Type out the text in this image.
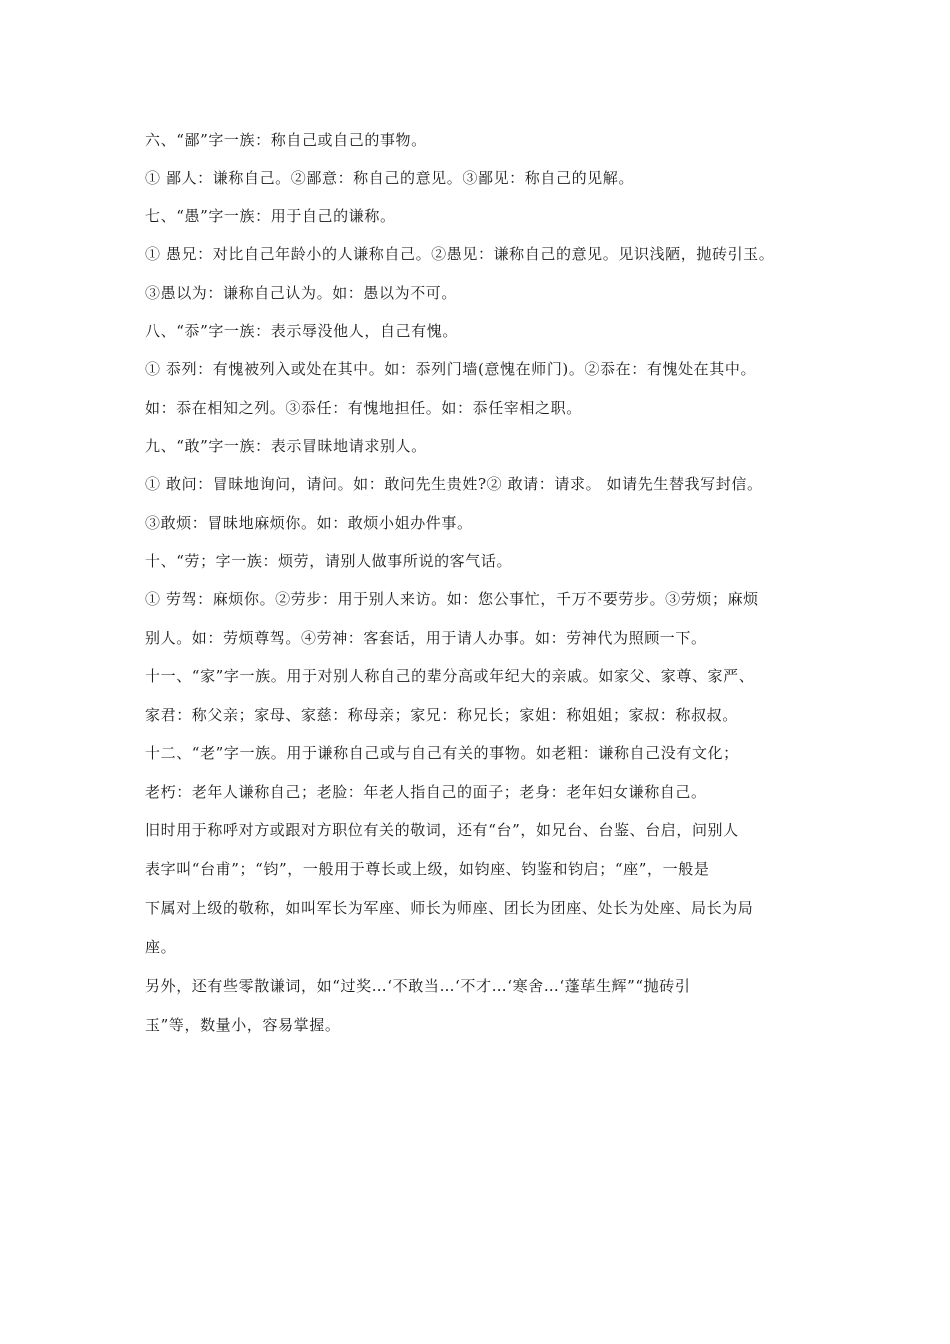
六、“鄙”字一族：称自己或自己的事物。

① 鄙人：谦称自己。②鄙意：称自己的意见。③鄙见：称自己的见解。

七、“愚”字一族：用于自己的谦称。

① 愚兄：对比自己年龄小的人谦称自己。②愚见：谦称自己的意见。见识浅陋，抛砖引玉。

③愚以为：谦称自己认为。如：愚以为不可。

八、“忝”字一族：表示辱没他人，自己有愧。

① 忝列：有愧被列入或处在其中。如：忝列门墙(意愧在师门)。②忝在：有愧处在其中。

如：忝在相知之列。③忝任：有愧地担任。如：忝任宰相之职。

九、“敢”字一族：表示冒昧地请求别人。

① 敢问：冒昧地询问，请问。如：敢问先生贵姓?② 敢请：请求。 如请先生替我写封信。

③敢烦：冒昧地麻烦你。如：敢烦小姐办件事。

十、“劳；字一族：烦劳，请别人做事所说的客气话。

① 劳驾：麻烦你。②劳步：用于别人来访。如：您公事忙，千万不要劳步。③劳烦；麻烦

别人。如：劳烦尊驾。④劳神：客套话，用于请人办事。如：劳神代为照顾一下。

十一、“家”字一族。用于对别人称自己的辈分高或年纪大的亲戚。如家父、家尊、家严、

家君：称父亲；家母、家慈：称母亲；家兄：称兄长；家姐：称姐姐；家叔：称叔叔。

十二、“老”字一族。用于谦称自己或与自己有关的事物。如老粗：谦称自己没有文化；

老朽：老年人谦称自己；老脸：年老人指自己的面子；老身：老年妇女谦称自己。

旧时用于称呼对方或跟对方职位有关的敬词，还有“台”，如兄台、台鉴、台启，问别人

表字叫“台甫”；“钧”，一般用于尊长或上级，如钧座、钧鉴和钧启；“座”，一般是

下属对上级的敬称，如叫军长为军座、师长为师座、团长为团座、处长为处座、局长为局

座。

另外，还有些零散谦词，如“过奖…‘不敢当…‘不才…‘寒舍…‘蓬荜生辉”“抛砖引

玉”等，数量小，容易掌握。
